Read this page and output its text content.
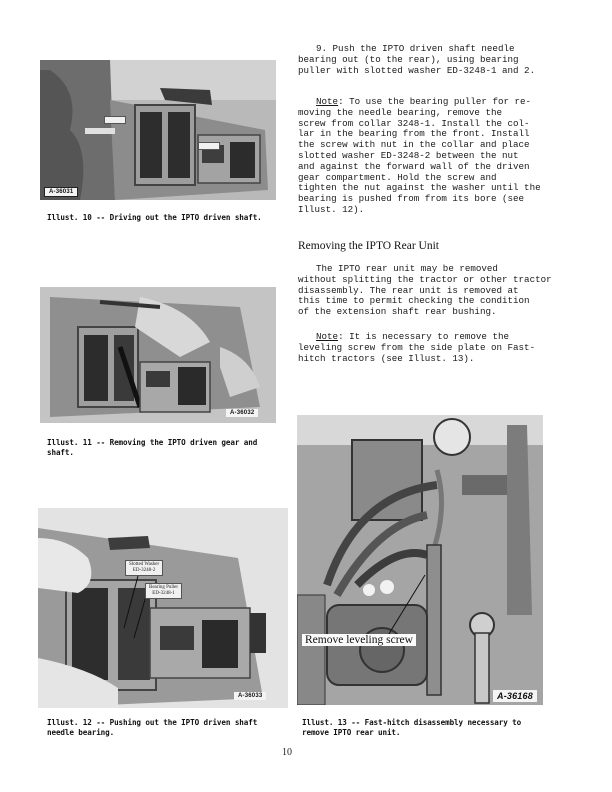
A-36031
Illust. 10 -- Driving out the IPTO driven shaft.
A-36032
Illust. 11 -- Removing the IPTO driven gear and
shaft.
Slotted Washer
ED-3248-2
Bearing Puller
ED-3248-1
A-36033
Illust. 12 -- Pushing out the IPTO driven shaft
needle bearing.

9. Push the IPTO driven shaft needle

bearing out (to the rear), using bearing

puller with slotted washer ED-3248-1 and 2.

Note: To use the bearing puller for re-

moving the needle bearing, remove the

screw from collar 3248-1. Install the col-

lar in the bearing from the front. Install

the screw with nut in the collar and place

slotted washer ED-3248-2 between the nut

and against the forward wall of the driven

gear compartment. Hold the screw and

tighten the nut against the washer until the

bearing is pushed from from its bore (see

Illust. 12).

Removing the IPTO Rear Unit

The IPTO rear unit may be removed

without splitting the tractor or other tractor

disassembly. The rear unit is removed at

this time to permit checking the condition

of the extension shaft rear bushing.

Note: It is necessary to remove the

leveling screw from the side plate on Fast-

hitch tractors (see Illust. 13).

Remove leveling screw
A-36168
Illust. 13 -- Fast-hitch disassembly necessary to
remove IPTO rear unit.
10
